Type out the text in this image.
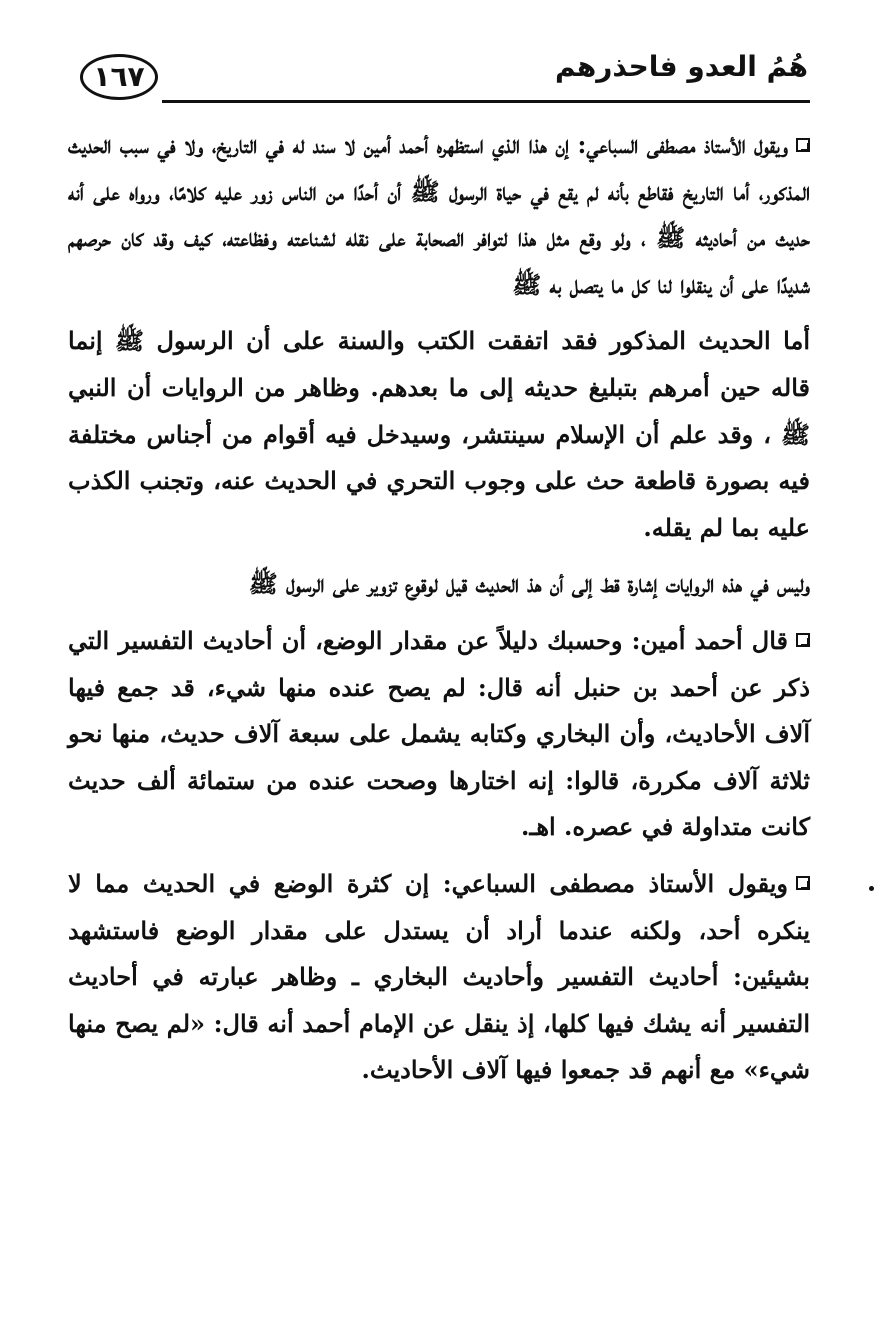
١٦٧	هُمُ العدو فاحذرهم

ويقول الأستاذ مصطفى السباعي: إن هذا الذي استظهره أحمد أمين لا سند له في التاريخ، ولا في سبب الحديث المذكور، أما التاريخ فقاطع بأنه لم يقع في حياة الرسول ﷺ أن أحدًا من الناس زور عليه كلامًا، ورواه على أنه حديث من أحاديثه ﷺ ، ولو وقع مثل هذا لتوافر الصحابة على نقله لشناعته وفظاعته، كيف وقد كان حرصهم شديدًا على أن ينقلوا لنا كل ما يتصل به ﷺ

أما الحديث المذكور فقد اتفقت الكتب والسنة على أن الرسول ﷺ إنما قاله حين أمرهم بتبليغ حديثه إلى ما بعدهم. وظاهر من الروايات أن النبي ﷺ ، وقد علم أن الإسلام سينتشر، وسيدخل فيه أقوام من أجناس مختلفة فيه بصورة قاطعة حث على وجوب التحري في الحديث عنه، وتجنب الكذب عليه بما لم يقله.

وليس في هذه الروايات إشارة قط إلى أن هذ الحديث قيل لوقوع تزوير على الرسول ﷺ

قال أحمد أمين: وحسبك دليلاً عن مقدار الوضع، أن أحاديث التفسير التي ذكر عن أحمد بن حنبل أنه قال: لم يصح عنده منها شيء، قد جمع فيها آلاف الأحاديث، وأن البخاري وكتابه يشمل على سبعة آلاف حديث، منها نحو ثلاثة آلاف مكررة، قالوا: إنه اختارها وصحت عنده من ستمائة ألف حديث كانت متداولة في عصره. اهـ.

ويقول الأستاذ مصطفى السباعي: إن كثرة الوضع في الحديث مما لا ينكره أحد، ولكنه عندما أراد أن يستدل على مقدار الوضع فاستشهد بشيئين: أحاديث التفسير وأحاديث البخاري ـ وظاهر عبارته في أحاديث التفسير أنه يشك فيها كلها، إذ ينقل عن الإمام أحمد أنه قال: «لم يصح منها شيء» مع أنهم قد جمعوا فيها آلاف الأحاديث.
